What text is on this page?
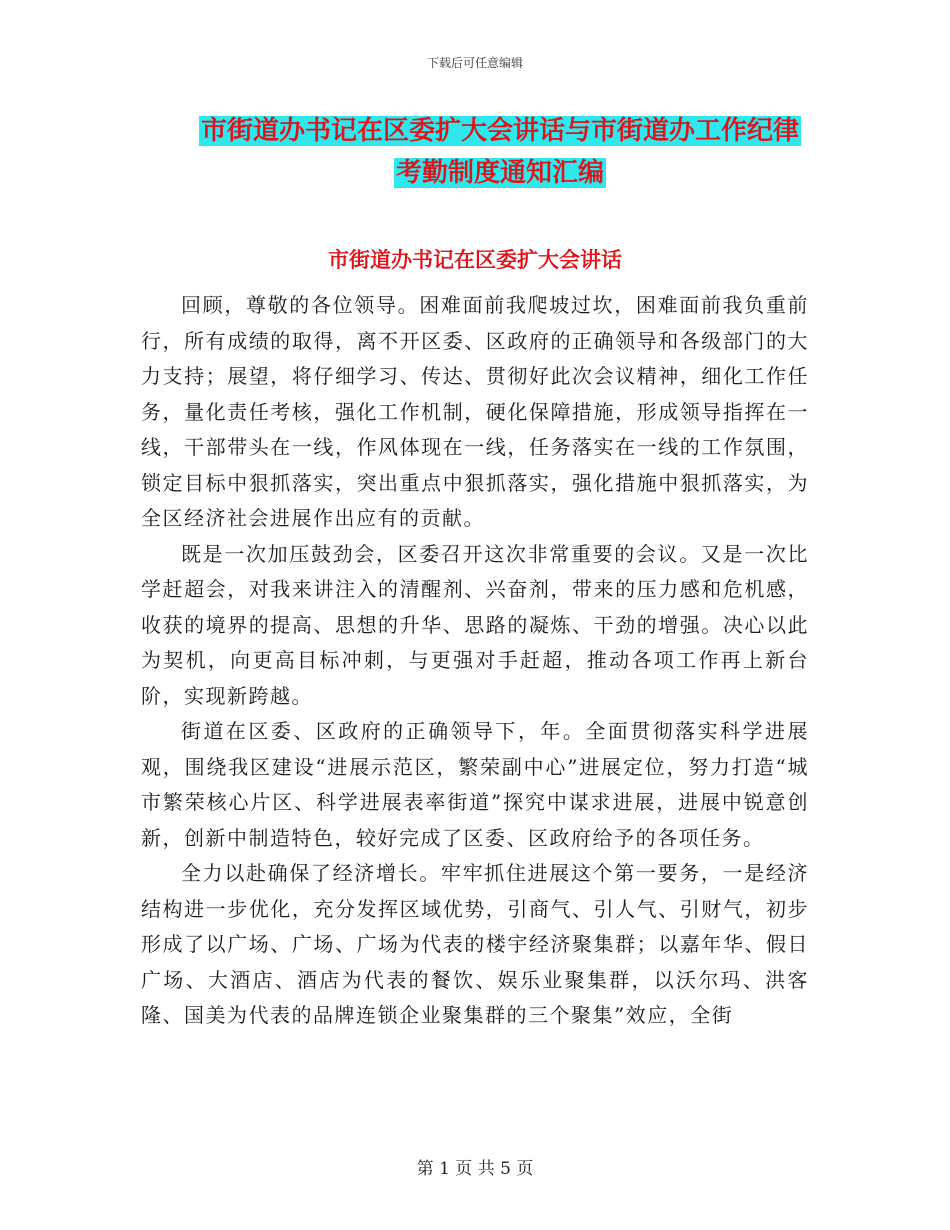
下载后可任意编辑
市街道办书记在区委扩大会讲话与市街道办工作纪律
考勤制度通知汇编
市街道办书记在区委扩大会讲话

回顾，尊敬的各位领导。困难面前我爬坡过坎，困难面前我负重前行，所有成绩的取得，离不开区委、区政府的正确领导和各级部门的大力支持；展望，将仔细学习、传达、贯彻好此次会议精神，细化工作任务，量化责任考核，强化工作机制，硬化保障措施，形成领导指挥在一线，干部带头在一线，作风体现在一线，任务落实在一线的工作氛围，锁定目标中狠抓落实，突出重点中狠抓落实，强化措施中狠抓落实，为全区经济社会进展作出应有的贡献。

既是一次加压鼓劲会，区委召开这次非常重要的会议。又是一次比学赶超会，对我来讲注入的清醒剂、兴奋剂，带来的压力感和危机感，收获的境界的提高、思想的升华、思路的凝炼、干劲的增强。决心以此为契机，向更高目标冲刺，与更强对手赶超，推动各项工作再上新台阶，实现新跨越。

街道在区委、区政府的正确领导下，年。全面贯彻落实科学进展观，围绕我区建设“进展示范区，繁荣副中心”进展定位，努力打造“城市繁荣核心片区、科学进展表率街道”探究中谋求进展，进展中锐意创新，创新中制造特色，较好完成了区委、区政府给予的各项任务。

全力以赴确保了经济增长。牢牢抓住进展这个第一要务，一是经济结构进一步优化，充分发挥区域优势，引商气、引人气、引财气，初步形成了以广场、广场、广场为代表的楼宇经济聚集群；以嘉年华、假日广场、大酒店、酒店为代表的餐饮、娱乐业聚集群，以沃尔玛、洪客隆、国美为代表的品牌连锁企业聚集群的三个聚集”效应，全街

第 1 页 共 5 页
